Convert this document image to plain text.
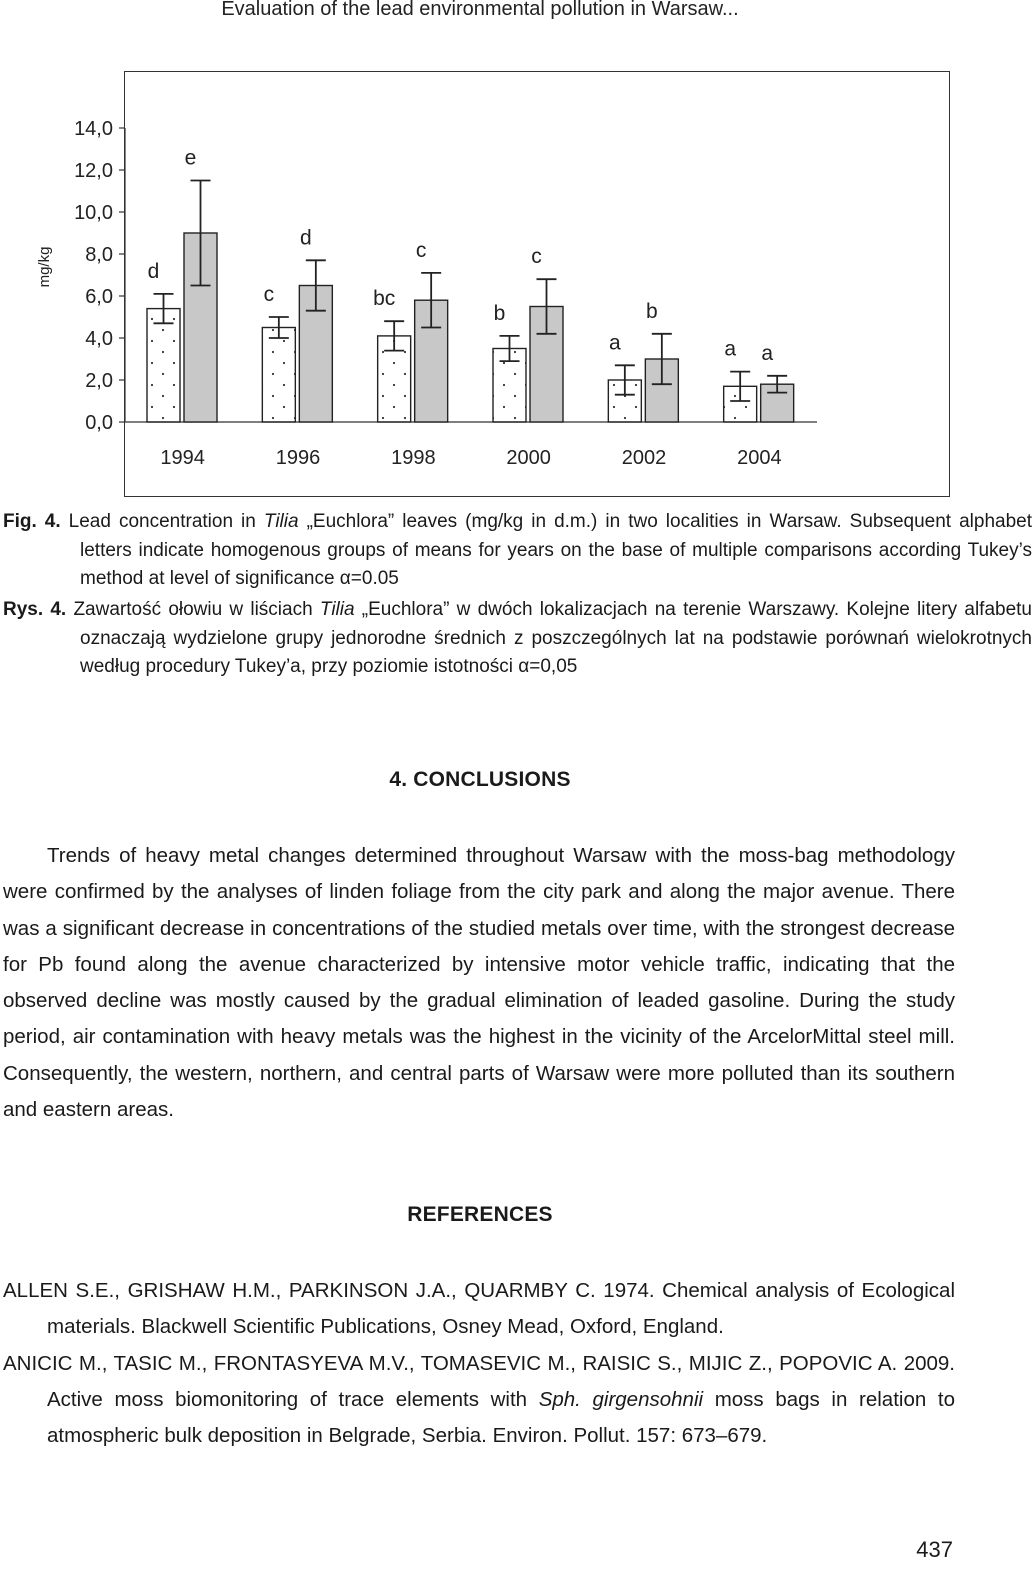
Evaluation of the lead environmental pollution in Warsaw...
0,0
2,0
4,0
6,0
8,0
10,0
12,0
14,0
mg/kg	d
e
1994
c
d
1996
bc
c
1998
b
c
2000
a
b
2002
a a
2004
Fig. 4. Lead concentration in Tilia „Euchlora” leaves (mg/kg in d.m.) in two localities in Warsaw. Subsequent alphabet letters indicate homogenous groups of means for years on the base of multiple comparisons according Tukey’s method at level of significance α=0.05
Rys. 4. Zawartość ołowiu w liściach Tilia „Euchlora” w dwóch lokalizacjach na terenie Warszawy. Kolejne litery alfabetu oznaczają wydzielone grupy jednorodne średnich z poszczególnych lat na podstawie porównań wielokrotnych według procedury Tukey’a, przy poziomie istotności α=0,05
4. CONCLUSIONS
Trends of heavy metal changes determined throughout Warsaw with the moss-bag methodology were confirmed by the analyses of linden foliage from the city park and along the major avenue. There was a significant decrease in concentrations of the studied metals over time, with the strongest decrease for Pb found along the avenue characterized by intensive motor vehicle traffic, indicating that the observed decline was mostly caused by the gradual elimination of leaded gasoline. During the study period, air contamination with heavy metals was the highest in the vicinity of the ArcelorMittal steel mill. Consequently, the western, northern, and central parts of Warsaw were more polluted than its southern and eastern areas.
REFERENCES
ALLEN S.E., GRISHAW H.M., PARKINSON J.A., QUARMBY C. 1974. Chemical analysis of Ecological materials. Blackwell Scientific Publications, Osney Mead, Oxford, England.
ANICIC M., TASIC M., FRONTASYEVA M.V., TOMASEVIC M., RAISIC S., MIJIC Z., POPOVIC A. 2009. Active moss biomonitoring of trace elements with Sph. girgensohnii moss bags in relation to atmospheric bulk deposition in Belgrade, Serbia. Environ. Pollut. 157: 673–679.
437
